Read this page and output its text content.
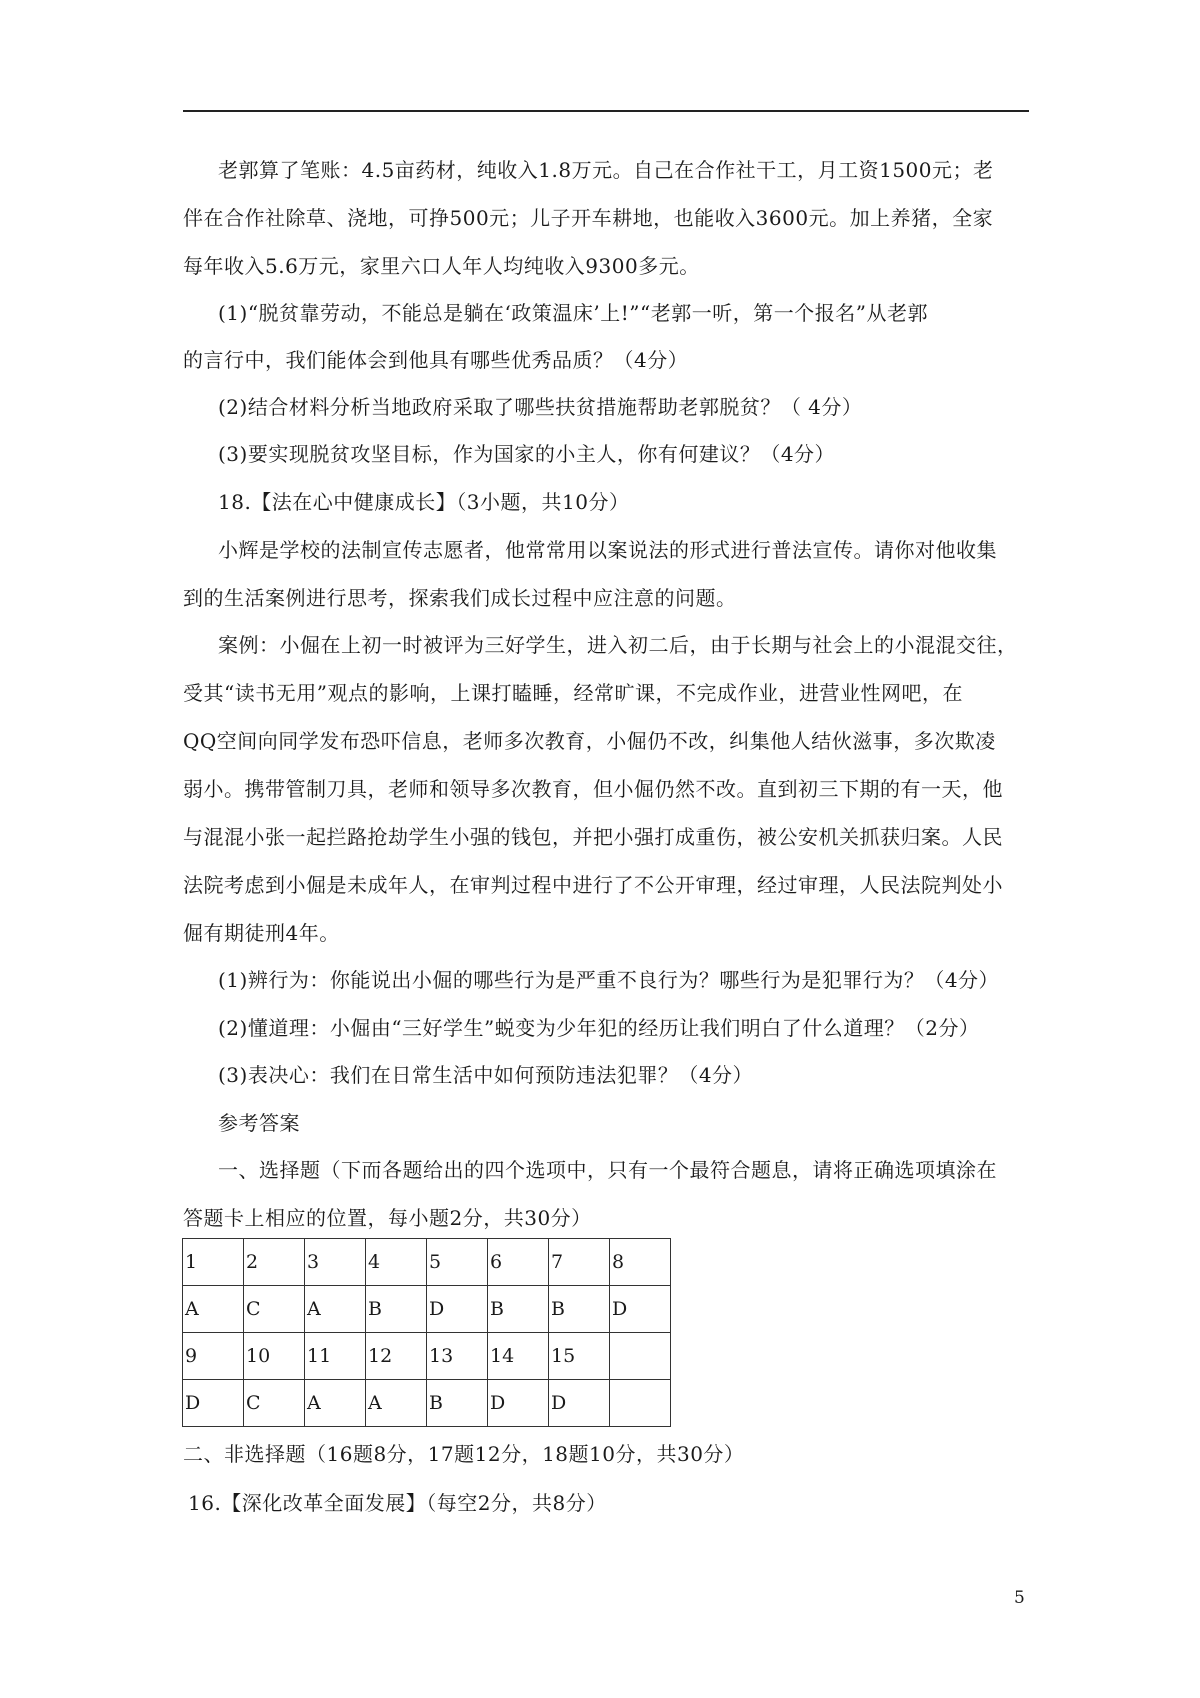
老郭算了笔账：4.5亩药材，纯收入1.8万元。自己在合作社干工，月工资1500元；老
伴在合作社除草、浇地，可挣500元；儿子开车耕地，也能收入3600元。加上养猪，全家
每年收入5.6万元，家里六口人年人均纯收入9300多元。
(1)“脱贫靠劳动，不能总是躺在‘政策温床’上!”“老郭一听，第一个报名”从老郭
的言行中，我们能体会到他具有哪些优秀品质？（4分）
(2)结合材料分析当地政府采取了哪些扶贫措施帮助老郭脱贫？（ 4分）
(3)要实现脱贫攻坚目标，作为国家的小主人，你有何建议？（4分）
18.【法在心中健康成长】（3小题，共10分）
小辉是学校的法制宣传志愿者，他常常用以案说法的形式进行普法宣传。请你对他收集
到的生活案例进行思考，探索我们成长过程中应注意的问题。
案例：小倔在上初一时被评为三好学生，进入初二后，由于长期与社会上的小混混交往，
受其“读书无用”观点的影响，上课打瞌睡，经常旷课，不完成作业，进营业性网吧，在
QQ空间向同学发布恐吓信息，老师多次教育，小倔仍不改，纠集他人结伙滋事，多次欺凌
弱小。携带管制刀具，老师和领导多次教育，但小倔仍然不改。直到初三下期的有一天，他
与混混小张一起拦路抢劫学生小强的钱包，并把小强打成重伤，被公安机关抓获归案。人民
法院考虑到小倔是未成年人，在审判过程中进行了不公开审理，经过审理，人民法院判处小
倔有期徒刑4年。
(1)辨行为：你能说出小倔的哪些行为是严重不良行为？哪些行为是犯罪行为？（4分）
(2)懂道理：小倔由“三好学生”蜕变为少年犯的经历让我们明白了什么道理？（2分）
(3)表决心：我们在日常生活中如何预防违法犯罪？（4分）
参考答案
一、选择题（下而各题给出的四个选项中，只有一个最符合题息，请将正确选项填涂在
答题卡上相应的位置，每小题2分，共30分）
1	2	3	4	5	6	7	8
A	C	A	B	D	B	B	D
9	10	11	12	13	14	15	
D	C	A	A	B	D	D	
二、非选择题（16题8分，17题12分，18题10分，共30分）
16.【深化改革全面发展】（每空2分，共8分）
5
